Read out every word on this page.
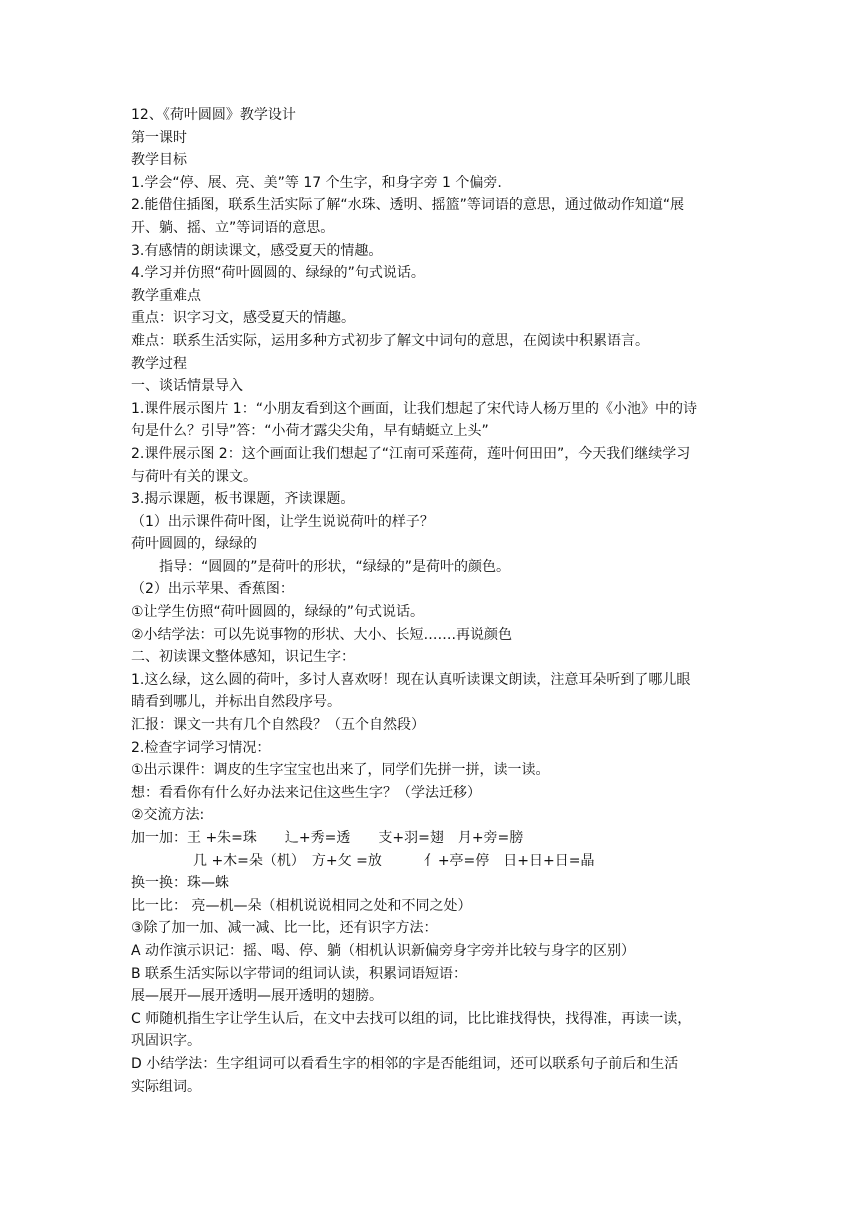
12、《荷叶圆圆》教学设计
第一课时
教学目标
1.学会“停、展、亮、美”等 17 个生字，和身字旁 1 个偏旁.
2.能借住插图，联系生活实际了解“水珠、透明、摇篮”等词语的意思，通过做动作知道“展
开、躺、摇、立”等词语的意思。
3.有感情的朗读课文，感受夏天的情趣。
4.学习并仿照“荷叶圆圆的、绿绿的”句式说话。
教学重难点
重点：识字习文，感受夏天的情趣。
难点：联系生活实际，运用多种方式初步了解文中词句的意思，在阅读中积累语言。
教学过程
一、谈话情景导入
1.课件展示图片 1：“小朋友看到这个画面，让我们想起了宋代诗人杨万里的《小池》中的诗
句是什么？引导”答：“小荷才露尖尖角，早有蜻蜓立上头”
2.课件展示图 2：这个画面让我们想起了“江南可采莲荷，莲叶何田田”，今天我们继续学习
与荷叶有关的课文。
3.揭示课题，板书课题，齐读课题。
（1）出示课件荷叶图，让学生说说荷叶的样子？
荷叶圆圆的，绿绿的
指导：“圆圆的”是荷叶的形状，“绿绿的”是荷叶的颜色。
（2）出示苹果、香蕉图：
①让学生仿照“荷叶圆圆的，绿绿的”句式说话。
②小结学法：可以先说事物的形状、大小、长短…….再说颜色
二、初读课文整体感知，识记生字：
1.这么绿，这么圆的荷叶，多讨人喜欢呀！现在认真听读课文朗读，注意耳朵听到了哪儿眼
睛看到哪儿，并标出自然段序号。
汇报：课文一共有几个自然段？（五个自然段）
2.检查字词学习情况：
①出示课件：调皮的生字宝宝也出来了，同学们先拼一拼，读一读。
想：看看你有什么好办法来记住这些生字？（学法迁移）
②交流方法:
加一加：王 +朱=珠　　⻌+秀=透　　支+羽=翅　月+旁=膀
几 +木=朵（机）　方+攵 =放　　　亻+亭=停　日+日+日=晶
换一换：珠—蛛
比一比： 亮—机—朵（相机说说相同之处和不同之处）
③除了加一加、减一减、比一比，还有识字方法：
A 动作演示识记：摇、喝、停、躺（相机认识新偏旁身字旁并比较与身字的区别）
B 联系生活实际以字带词的组词认读，积累词语短语：
展—展开—展开透明—展开透明的翅膀。
C 师随机指生字让学生认后，在文中去找可以组的词，比比谁找得快，找得准，再读一读，
巩固识字。
D 小结学法：生字组词可以看看生字的相邻的字是否能组词，还可以联系句子前后和生活
实际组词。
